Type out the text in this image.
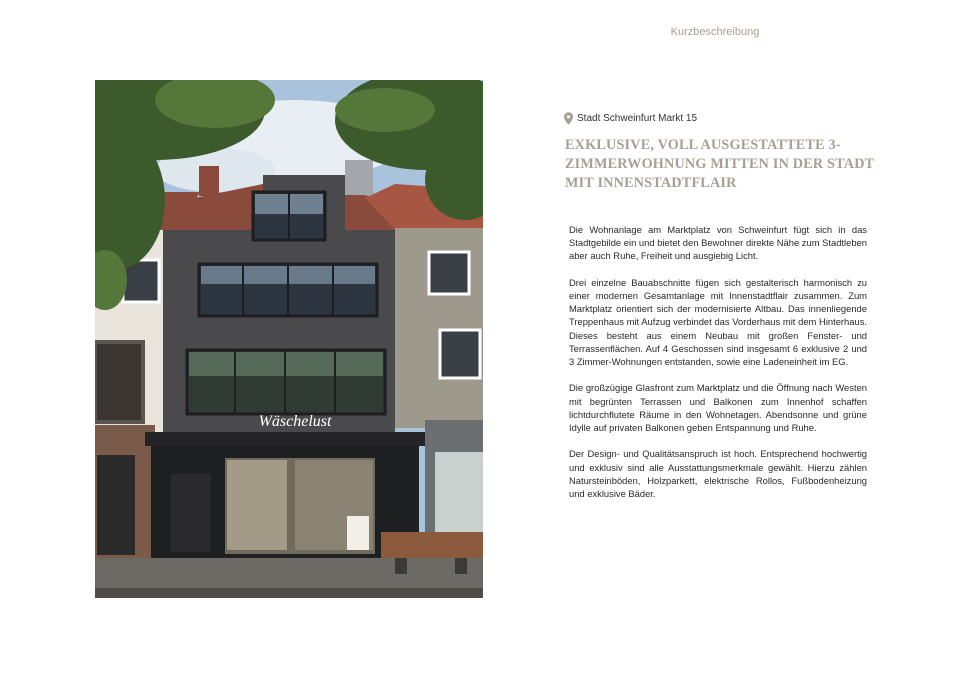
Kurzbeschreibung
Wäschelust
Stadt Schweinfurt Markt 15
EXKLUSIVE, VOLL AUSGESTATTETE 3-ZIMMERWOHNUNG MITTEN IN DER STADT MIT INNENSTADTFLAIR

Die Wohnanlage am Marktplatz von Schweinfurt fügt sich in das Stadtgebilde ein und bietet den Bewohner direkte Nähe zum Stadtleben aber auch Ruhe, Freiheit und ausgiebig Licht.

Drei einzelne Bauabschnitte fügen sich gestalterisch harmonisch zu einer modernen Gesamtanlage mit Innenstadtflair zusammen. Zum Marktplatz orientiert sich der modernisierte Altbau. Das innenliegende Treppenhaus mit Aufzug verbindet das Vorderhaus mit dem Hinterhaus. Dieses besteht aus einem Neubau mit großen Fenster- und Terrassenflächen. Auf 4 Geschossen sind insgesamt 6 exklusive 2 und 3 Zimmer-Wohnungen entstanden, sowie eine Ladeneinheit im EG.

Die großzügige Glasfront zum Marktplatz und die Öffnung nach Westen mit begrünten Terrassen und Balkonen zum Innenhof schaffen lichtdurchflutete Räume in den Wohnetagen. Abendsonne und grüne Idylle auf privaten Balkonen geben Entspannung und Ruhe.

Der Design- und Qualitätsanspruch ist hoch. Entsprechend hochwertig und exklusiv sind alle Ausstattungsmerkmale gewählt. Hierzu zählen Natursteinböden, Holzparkett, elektrische Rollos, Fußbodenheizung und exklusive Bäder.
